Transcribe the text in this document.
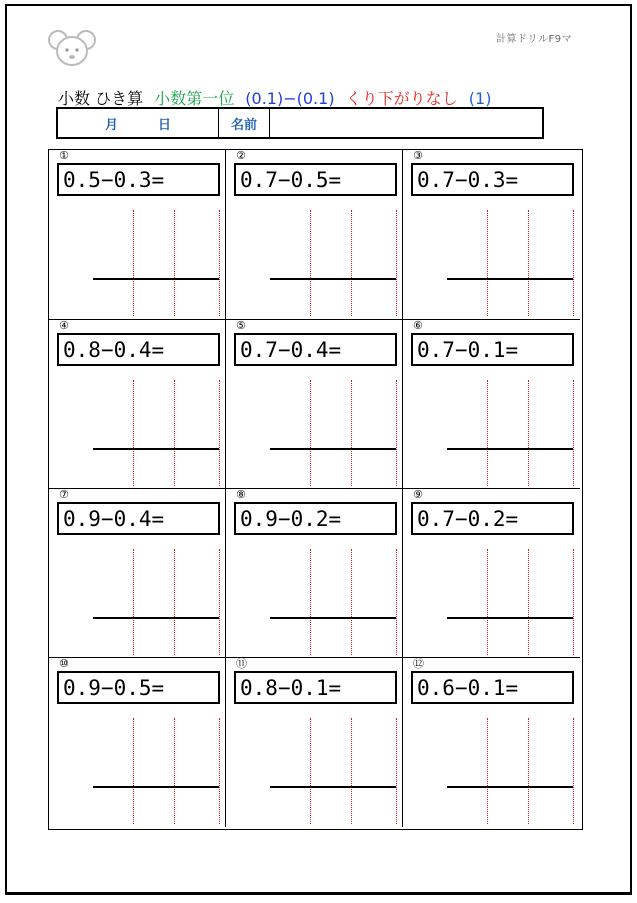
計算ドリルF9マ
小数 ひき算 小数第一位 (0.1)−(0.1) くり下がりなし (1)
月	日	名前
①
0.5−0.3=
②
0.7−0.5=
③
0.7−0.3=
④
0.8−0.4=
⑤
0.7−0.4=
⑥
0.7−0.1=
⑦
0.9−0.4=
⑧
0.9−0.2=
⑨
0.7−0.2=
⑩
0.9−0.5=
⑪
0.8−0.1=
⑫
0.6−0.1=
